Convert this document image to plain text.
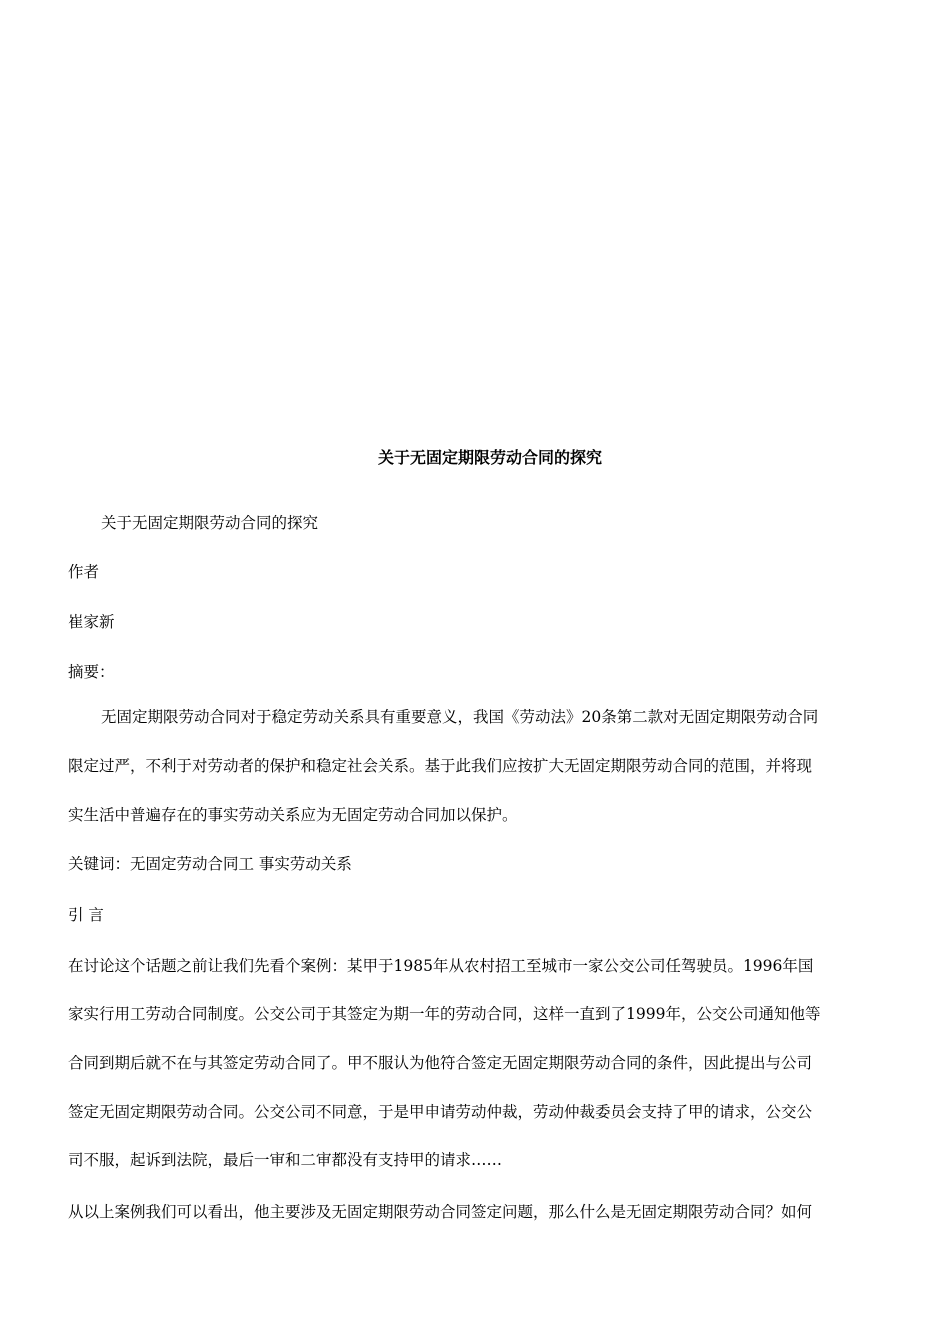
关于无固定期限劳动合同的探究
关于无固定期限劳动合同的探究
作者
崔家新
摘要：
无固定期限劳动合同对于稳定劳动关系具有重要意义，我国《劳动法》20条第二款对无固定期限劳动合同
限定过严，不利于对劳动者的保护和稳定社会关系。基于此我们应按扩大无固定期限劳动合同的范围，并将现
实生活中普遍存在的事实劳动关系应为无固定劳动合同加以保护。
关键词：无固定劳动合同工 事实劳动关系
引 言
在讨论这个话题之前让我们先看个案例：某甲于1985年从农村招工至城市一家公交公司任驾驶员。1996年国
家实行用工劳动合同制度。公交公司于其签定为期一年的劳动合同，这样一直到了1999年，公交公司通知他等
合同到期后就不在与其签定劳动合同了。甲不服认为他符合签定无固定期限劳动合同的条件，因此提出与公司
签定无固定期限劳动合同。公交公司不同意，于是甲申请劳动仲裁，劳动仲裁委员会支持了甲的请求，公交公
司不服，起诉到法院，最后一审和二审都没有支持甲的请求……
从以上案例我们可以看出，他主要涉及无固定期限劳动合同签定问题，那么什么是无固定期限劳动合同？如何
